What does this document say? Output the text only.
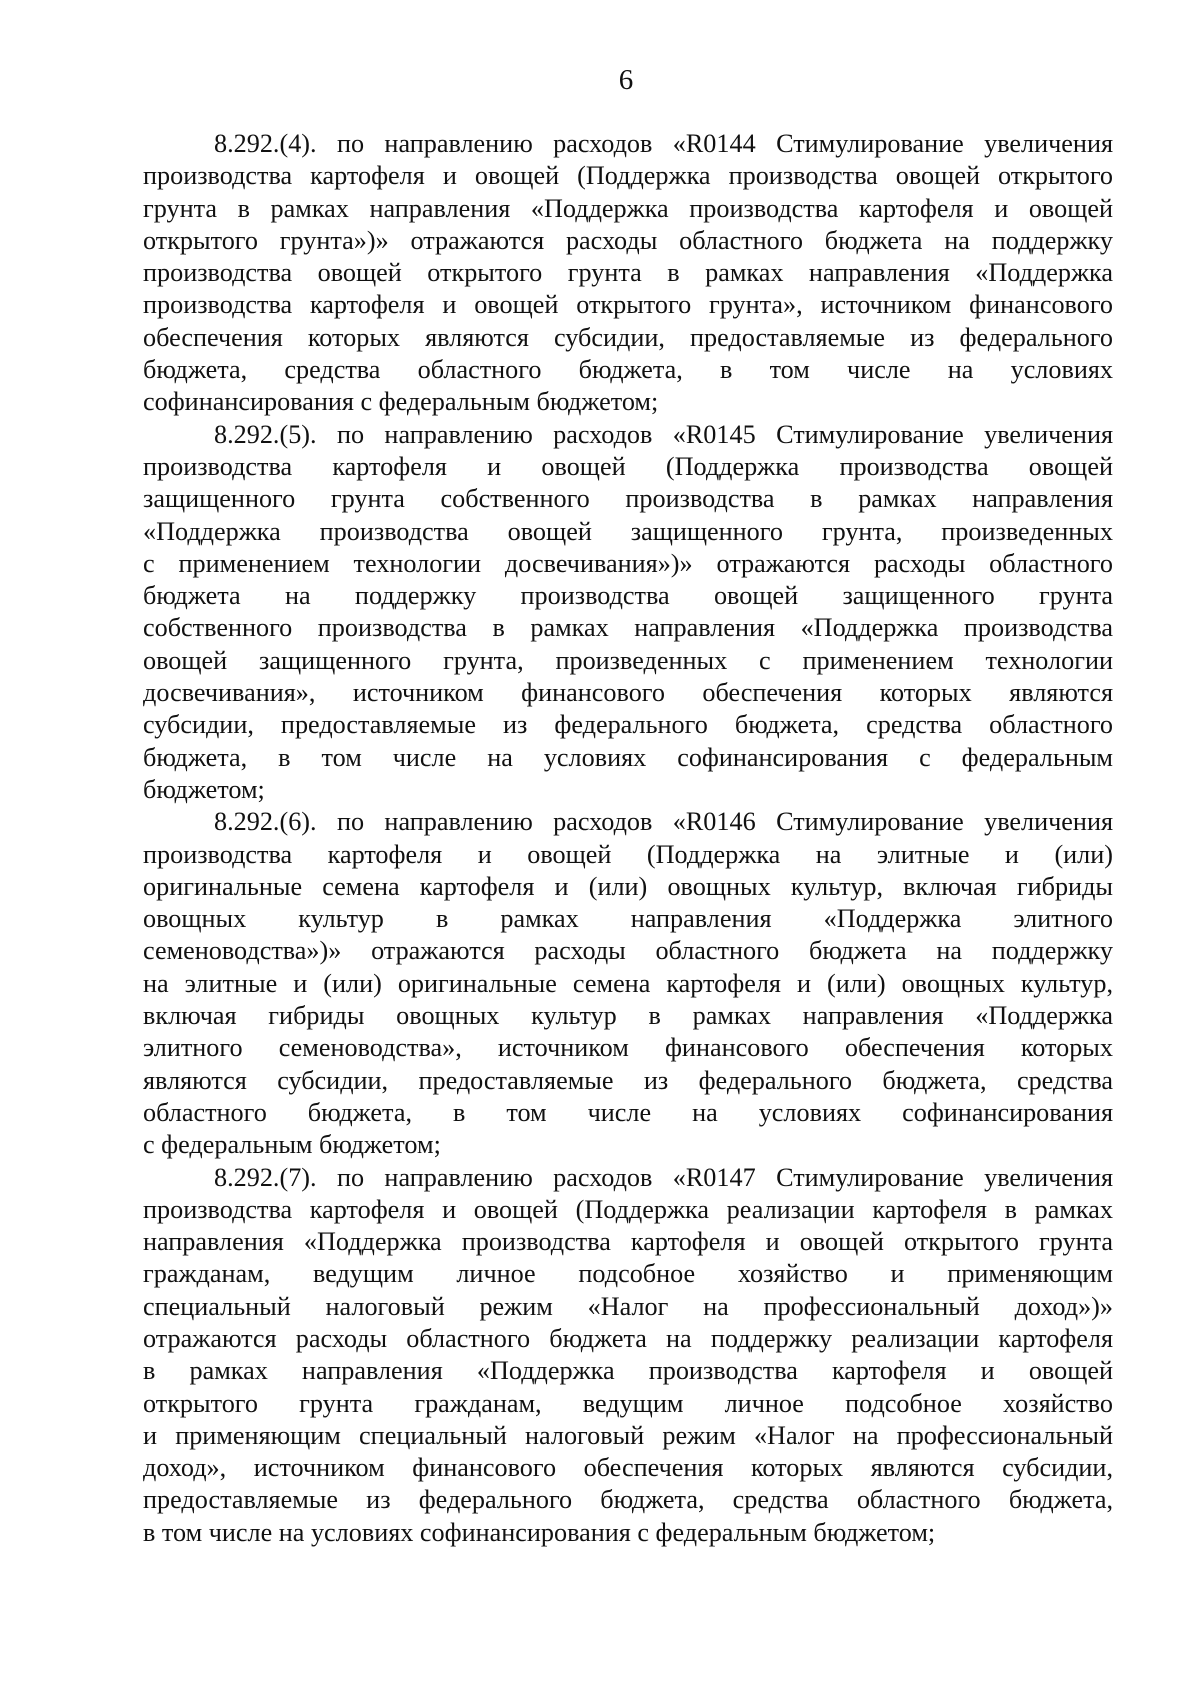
6
8.292.(4). по направлению расходов «R0144 Стимулирование увеличения
производства картофеля и овощей (Поддержка производства овощей открытого
грунта в рамках направления «Поддержка производства картофеля и овощей
открытого грунта»)» отражаются расходы областного бюджета на поддержку
производства овощей открытого грунта в рамках направления «Поддержка
производства картофеля и овощей открытого грунта», источником финансового
обеспечения которых являются субсидии, предоставляемые из федерального
бюджета, средства областного бюджета, в том числе на условиях
софинансирования с федеральным бюджетом;
8.292.(5). по направлению расходов «R0145 Стимулирование увеличения
производства картофеля и овощей (Поддержка производства овощей
защищенного грунта собственного производства в рамках направления
«Поддержка производства овощей защищенного грунта, произведенных
с применением технологии досвечивания»)» отражаются расходы областного
бюджета на поддержку производства овощей защищенного грунта
собственного производства в рамках направления «Поддержка производства
овощей защищенного грунта, произведенных с применением технологии
досвечивания», источником финансового обеспечения которых являются
субсидии, предоставляемые из федерального бюджета, средства областного
бюджета, в том числе на условиях софинансирования с федеральным
бюджетом;
8.292.(6). по направлению расходов «R0146 Стимулирование увеличения
производства картофеля и овощей (Поддержка на элитные и (или)
оригинальные семена картофеля и (или) овощных культур, включая гибриды
овощных культур в рамках направления «Поддержка элитного
семеноводства»)» отражаются расходы областного бюджета на поддержку
на элитные и (или) оригинальные семена картофеля и (или) овощных культур,
включая гибриды овощных культур в рамках направления «Поддержка
элитного семеноводства», источником финансового обеспечения которых
являются субсидии, предоставляемые из федерального бюджета, средства
областного бюджета, в том числе на условиях софинансирования
с федеральным бюджетом;
8.292.(7). по направлению расходов «R0147 Стимулирование увеличения
производства картофеля и овощей (Поддержка реализации картофеля в рамках
направления «Поддержка производства картофеля и овощей открытого грунта
гражданам, ведущим личное подсобное хозяйство и применяющим
специальный налоговый режим «Налог на профессиональный доход»)»
отражаются расходы областного бюджета на поддержку реализации картофеля
в рамках направления «Поддержка производства картофеля и овощей
открытого грунта гражданам, ведущим личное подсобное хозяйство
и применяющим специальный налоговый режим «Налог на профессиональный
доход», источником финансового обеспечения которых являются субсидии,
предоставляемые из федерального бюджета, средства областного бюджета,
в том числе на условиях софинансирования с федеральным бюджетом;
